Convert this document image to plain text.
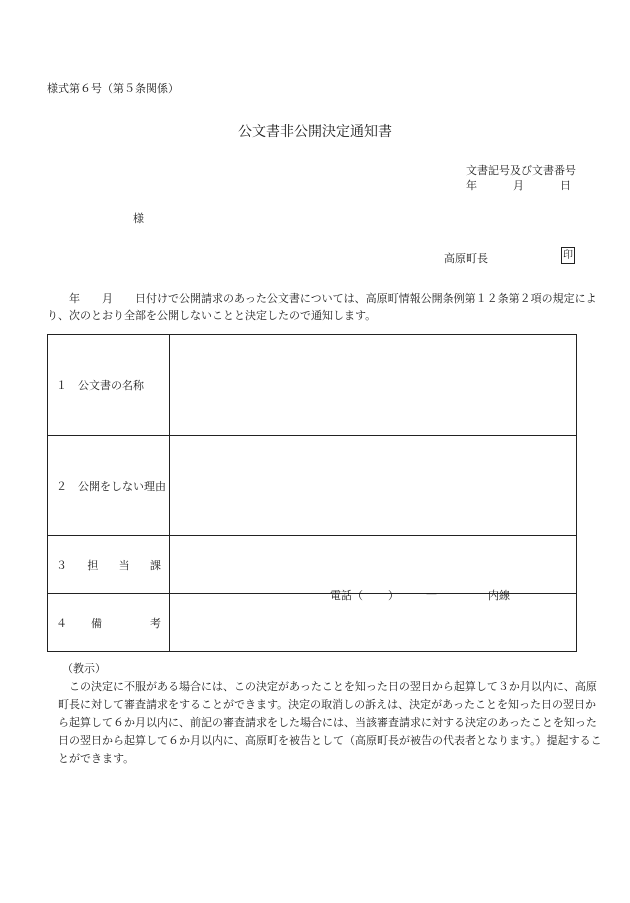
様式第６号（第５条関係）
公文書非公開決定通知書
文書記号及び文書番号
年	月	日
様
高原町長	印
　　年　　月　　日付けで公開請求のあった公文書については、高原町情報公開条例第１２条第２項の規定によ
り、次のとおり全部を公開しないことと決定したので通知します。
１　公文書の名称
２　公開をしない理由
３ 担 当 課
電話（ ） —	内線
４ 備	考
（教示）
　この決定に不服がある場合には、この決定があったことを知った日の翌日から起算して３か月以内に、高原
町長に対して審査請求をすることができます。決定の取消しの訴えは、決定があったことを知った日の翌日か
ら起算して６か月以内に、前記の審査請求をした場合には、当該審査請求に対する決定のあったことを知った
日の翌日から起算して６か月以内に、高原町を被告として（高原町長が被告の代表者となります。）提起するこ
とができます。
